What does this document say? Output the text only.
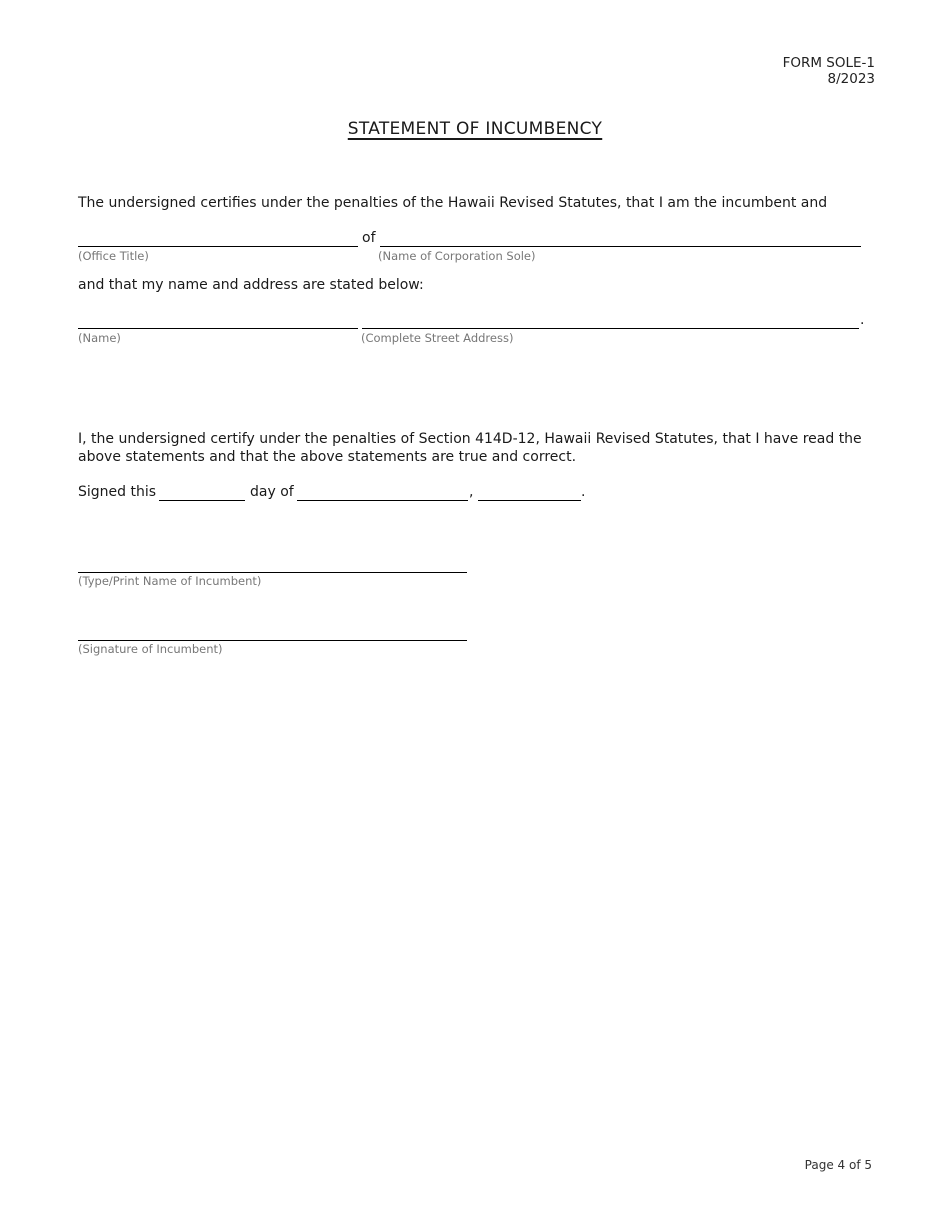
FORM SOLE-1
8/2023
STATEMENT OF INCUMBENCY
The undersigned certifies under the penalties of the Hawaii Revised Statutes, that I am the incumbent and
of
(Office Title)	(Name of Corporation Sole)
and that my name and address are stated below:
.
(Name)	(Complete Street Address)
I, the undersigned certify under the penalties of Section 414D-12, Hawaii Revised Statutes, that I have read the above statements and that the above statements are true and correct.
Signed this	day of	,	.
(Type/Print Name of Incumbent)
(Signature of Incumbent)
Page 4 of 5
